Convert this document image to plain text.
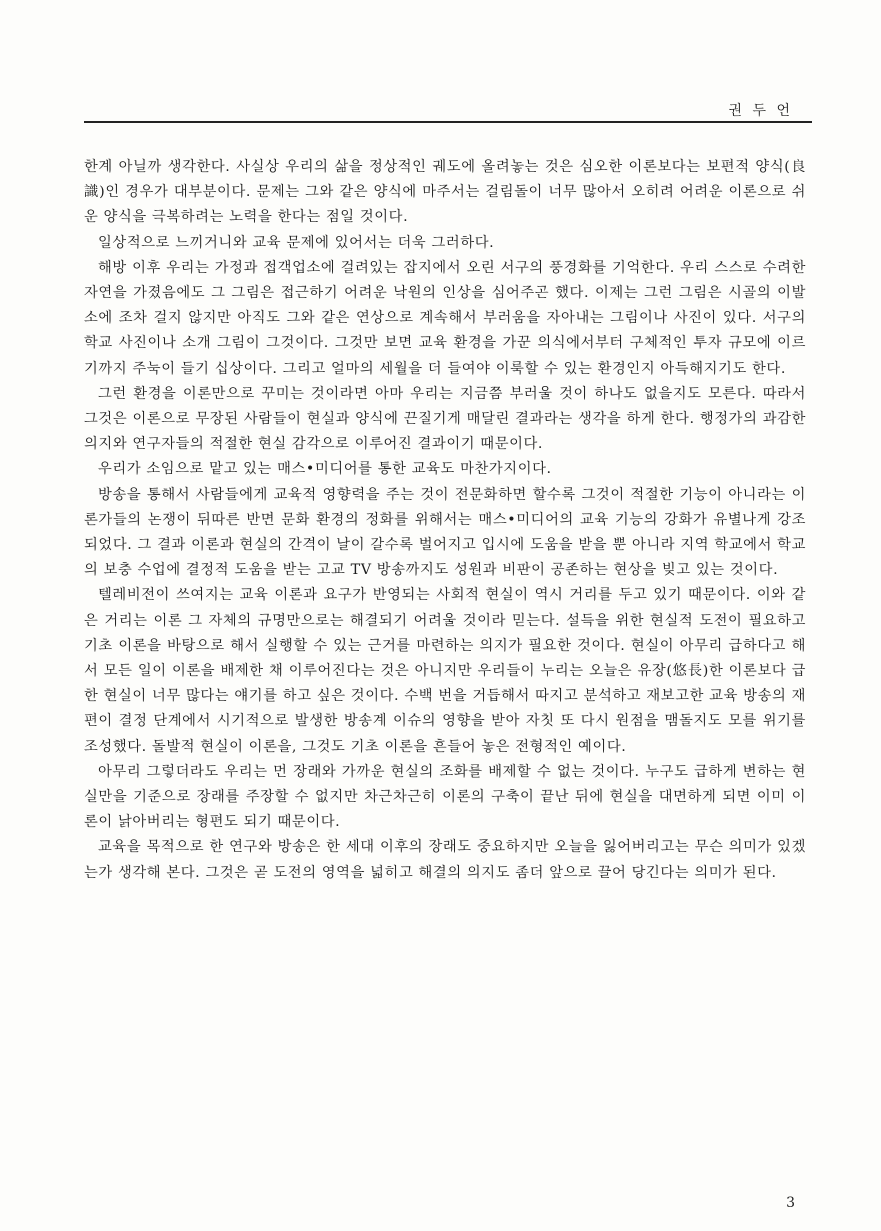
권 두 언

한계 아닐까 생각한다. 사실상 우리의 삶을 정상적인 궤도에 올려놓는 것은 심오한 이론보다는 보편적 양식(良識)인 경우가 대부분이다. 문제는 그와 같은 양식에 마주서는 걸림돌이 너무 많아서 오히려 어려운 이론으로 쉬운 양식을 극복하려는 노력을 한다는 점일 것이다.

일상적으로 느끼거니와 교육 문제에 있어서는 더욱 그러하다.

해방 이후 우리는 가정과 접객업소에 걸려있는 잡지에서 오린 서구의 풍경화를 기억한다. 우리 스스로 수려한 자연을 가졌음에도 그 그림은 접근하기 어려운 낙원의 인상을 심어주곤 했다. 이제는 그런 그림은 시골의 이발소에 조차 걸지 않지만 아직도 그와 같은 연상으로 계속해서 부러움을 자아내는 그림이나 사진이 있다. 서구의 학교 사진이나 소개 그림이 그것이다. 그것만 보면 교육 환경을 가꾼 의식에서부터 구체적인 투자 규모에 이르기까지 주눅이 들기 십상이다. 그리고 얼마의 세월을 더 들여야 이룩할 수 있는 환경인지 아득해지기도 한다.

그런 환경을 이론만으로 꾸미는 것이라면 아마 우리는 지금쯤 부러울 것이 하나도 없을지도 모른다. 따라서 그것은 이론으로 무장된 사람들이 현실과 양식에 끈질기게 매달린 결과라는 생각을 하게 한다. 행정가의 과감한 의지와 연구자들의 적절한 현실 감각으로 이루어진 결과이기 때문이다.

우리가 소임으로 맡고 있는 매스•미디어를 통한 교육도 마찬가지이다.

방송을 통해서 사람들에게 교육적 영향력을 주는 것이 전문화하면 할수록 그것이 적절한 기능이 아니라는 이론가들의 논쟁이 뒤따른 반면 문화 환경의 정화를 위해서는 매스•미디어의 교육 기능의 강화가 유별나게 강조되었다. 그 결과 이론과 현실의 간격이 날이 갈수록 벌어지고 입시에 도움을 받을 뿐 아니라 지역 학교에서 학교의 보충 수업에 결정적 도움을 받는 고교 TV 방송까지도 성원과 비판이 공존하는 현상을 빚고 있는 것이다.

텔레비전이 쓰여지는 교육 이론과 요구가 반영되는 사회적 현실이 역시 거리를 두고 있기 때문이다. 이와 같은 거리는 이론 그 자체의 규명만으로는 해결되기 어려울 것이라 믿는다. 설득을 위한 현실적 도전이 필요하고 기초 이론을 바탕으로 해서 실행할 수 있는 근거를 마련하는 의지가 필요한 것이다. 현실이 아무리 급하다고 해서 모든 일이 이론을 배제한 채 이루어진다는 것은 아니지만 우리들이 누리는 오늘은 유장(悠長)한 이론보다 급한 현실이 너무 많다는 얘기를 하고 싶은 것이다. 수백 번을 거듭해서 따지고 분석하고 재보고한 교육 방송의 재편이 결정 단계에서 시기적으로 발생한 방송계 이슈의 영향을 받아 자칫 또 다시 원점을 맴돌지도 모를 위기를 조성했다. 돌발적 현실이 이론을, 그것도 기초 이론을 흔들어 놓은 전형적인 예이다.

아무리 그렇더라도 우리는 먼 장래와 가까운 현실의 조화를 배제할 수 없는 것이다. 누구도 급하게 변하는 현실만을 기준으로 장래를 주장할 수 없지만 차근차근히 이론의 구축이 끝난 뒤에 현실을 대면하게 되면 이미 이론이 낡아버리는 형편도 되기 때문이다.

교육을 목적으로 한 연구와 방송은 한 세대 이후의 장래도 중요하지만 오늘을 잃어버리고는 무슨 의미가 있겠는가 생각해 본다. 그것은 곧 도전의 영역을 넓히고 해결의 의지도 좀더 앞으로 끌어 당긴다는 의미가 된다.

3
